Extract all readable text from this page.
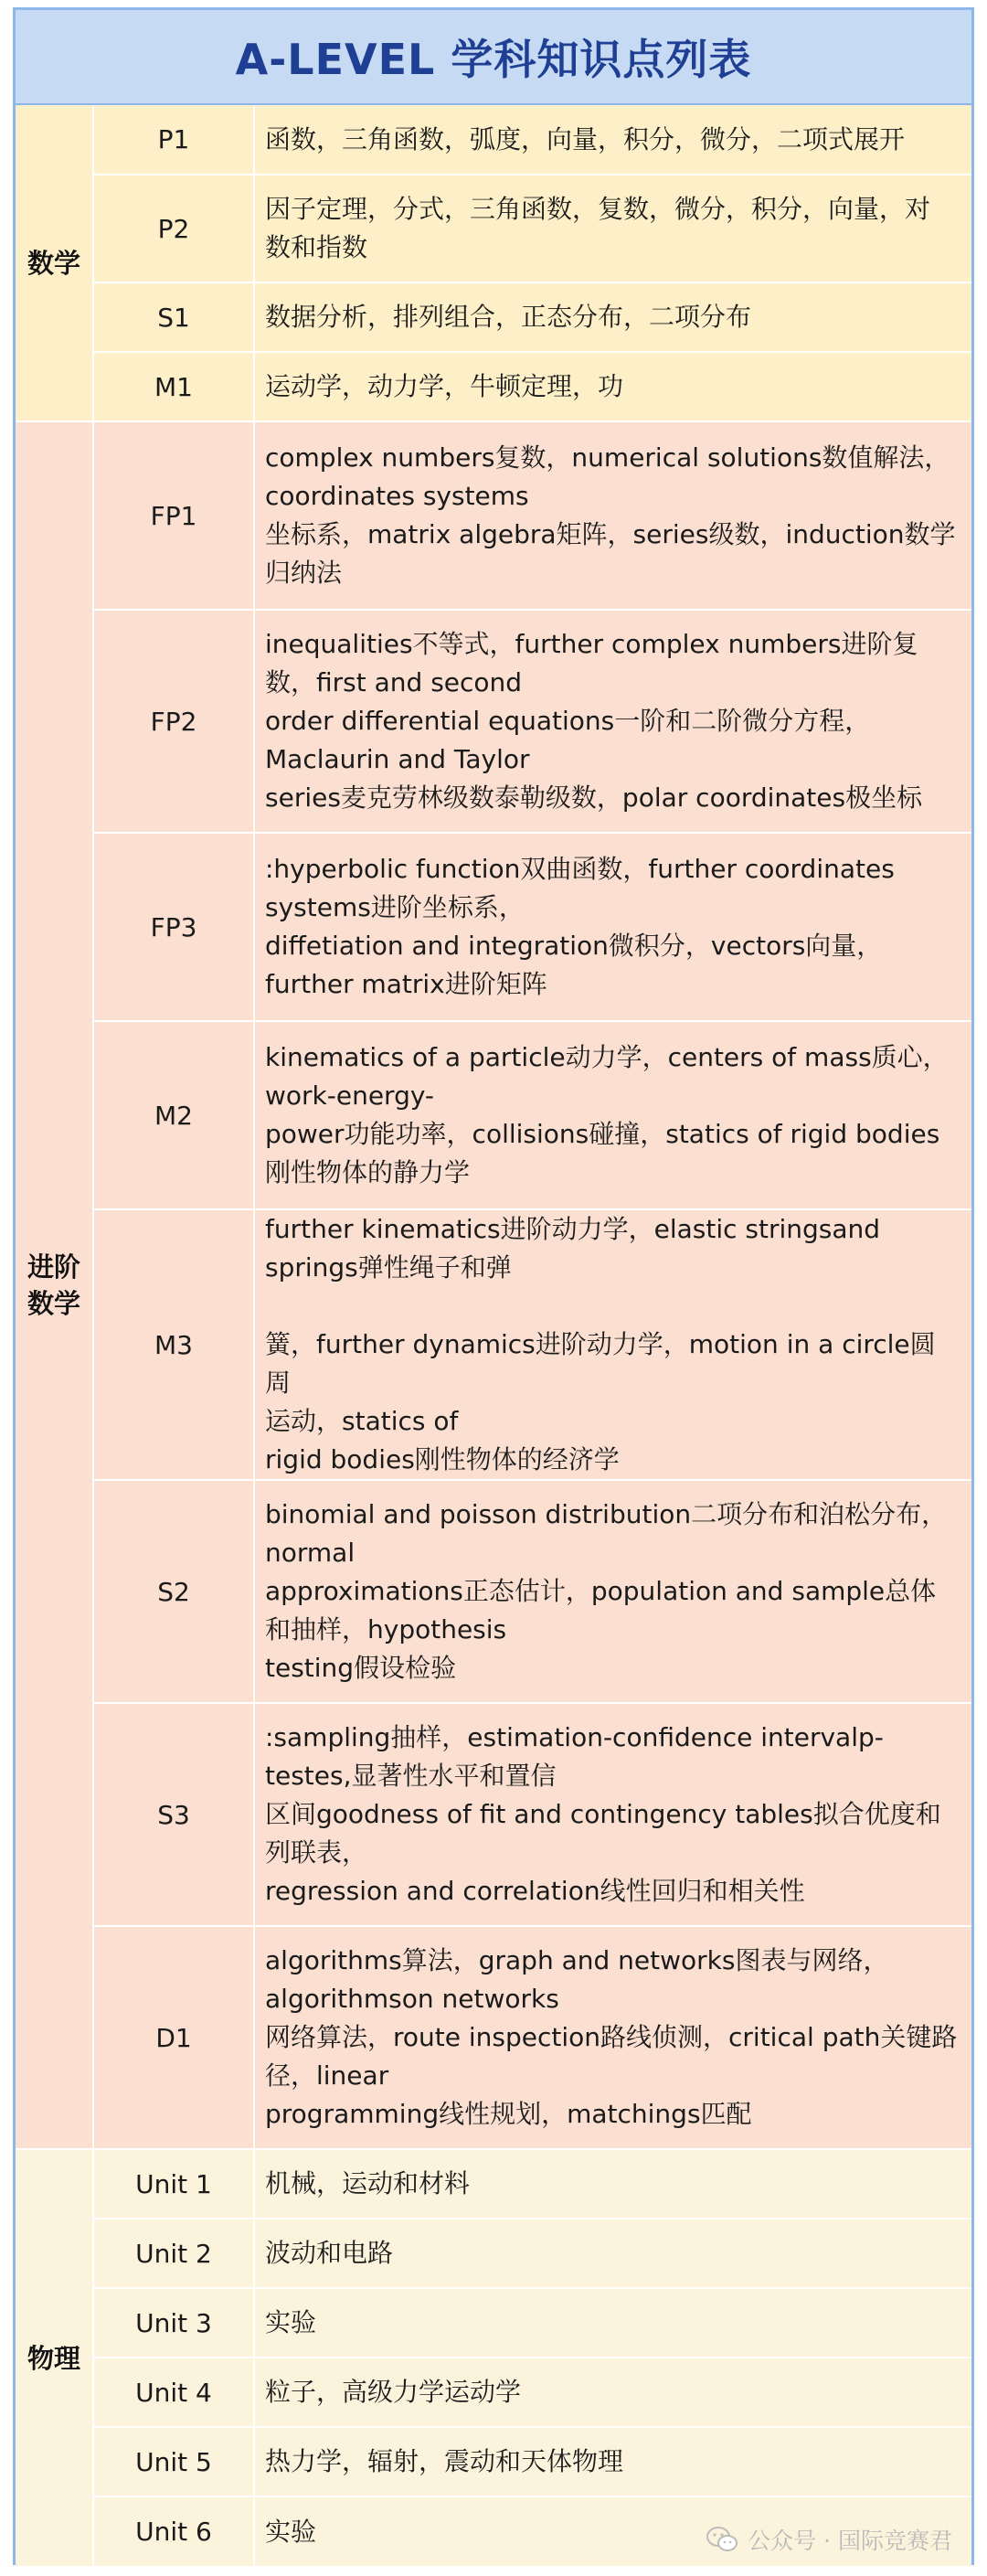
A-LEVEL 学科知识点列表
数学	P1	函数，三角函数，弧度，向量，积分，微分，二项式展开

	P2	因子定理，分式，三角函数，复数，微分，积分，向量，对
数和指数

	S1	数据分析，排列组合，正态分布，二项分布

	M1	运动学，动力学，牛顿定理，功

进阶
数学	FP1	complex numbers复数，numerical solutions数值解法，
coordinates systems
坐标系，matrix algebra矩阵，series级数，induction数学
归纳法

	FP2	inequalities不等式，further complex numbers进阶复
数，first and second
order differential equations一阶和二阶微分方程，
Maclaurin and Taylor
series麦克劳林级数泰勒级数，polar coordinates极坐标

	FP3	:hyperbolic function双曲函数，further coordinates
systems进阶坐标系，
diffetiation and integration微积分，vectors向量，
further matrix进阶矩阵

	M2	kinematics of a particle动力学，centers of mass质心，
work-energy-
power功能功率，collisions碰撞，statics of rigid bodies
刚性物体的静力学

	M3	further kinematics进阶动力学，elastic stringsand
springs弹性绳子和弹
簧，further dynamics进阶动力学，motion in a circle圆周
运动，statics of
rigid bodies刚性物体的经济学

	S2	binomial and poisson distribution二项分布和泊松分布，
normal
approximations正态估计，population and sample总体
和抽样，hypothesis
testing假设检验

	S3	:sampling抽样，estimation-confidence intervalp-
testes,显著性水平和置信
区间goodness of fit and contingency tables拟合优度和
列联表，
regression and correlation线性回归和相关性

	D1	algorithms算法，graph and networks图表与网络，
algorithmson networks
网络算法，route inspection路线侦测，critical path关键路
径，linear
programming线性规划，matchings匹配

物理	Unit 1	机械，运动和材料

	Unit 2	波动和电路

	Unit 3	实验

	Unit 4	粒子，高级力学运动学

	Unit 5	热力学，辐射，震动和天体物理

	Unit 6	实验	公众号 · 国际竞赛君
